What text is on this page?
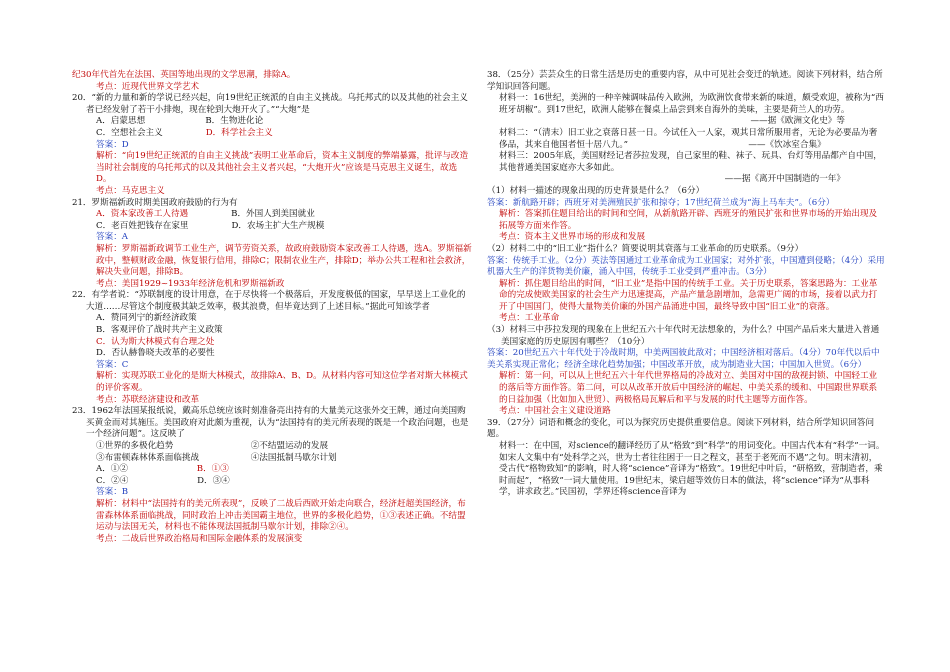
纪30年代首先在法国、英国等地出现的文学思潮，排除A。

考点：近现代世界文学艺术

20．“新的力量和新的学说已经兴起，向19世纪正统派的自由主义挑战。乌托邦式的以及其他的社会主义者已经发射了若干小排炮，现在轮到大炮开火了。”“大炮”是

A．启蒙思想　　　　　　　B．生物进化论

C．空想社会主义　　　　　D．科学社会主义

答案：D

解析：“向19世纪正统派的自由主义挑战”表明工业革命后，资本主义制度的弊端暴露，批评与改造当时社会制度的乌托邦式的以及其他社会主义者兴起，“大炮开火”应该是马克思主义诞生，故选D。

考点：马克思主义

21．罗斯福新政时期美国政府鼓励的行为有

A．资本家改善工人待遇　　　　　B．外国人到美国就业

C．老百姓把钱存在家里　　　　　D．农场主扩大生产规模

答案：A

解析：罗斯福新政调节工业生产，调节劳资关系，故政府鼓励资本家改善工人待遇，选A。罗斯福新政中，整顿财政金融，恢复银行信用，排除C；限制农业生产，排除D；举办公共工程和社会救济，解决失业问题，排除B。

考点：美国1929~1933年经济危机和罗斯福新政

22．有学者说：“苏联制度的设计用意，在于尽快将一个极落后，开发度极低的国家，早早送上工业化的大道……尽管这个制度极其缺乏效率，极其浪费，但毕竟达到了上述目标。”据此可知该学者

A．赞同列宁的新经济政策

B．客观评价了战时共产主义政策

C．认为斯大林模式有合理之处

D．否认赫鲁晓夫改革的必要性

答案：C

解析：实现苏联工业化的是斯大林模式，故排除A、B、D。从材料内容可知这位学者对斯大林模式的评价客观。

考点：苏联经济建设和改革

23．1962年法国某报纸说，戴高乐总统应该时刻准备亮出持有的大量美元这张外交王牌，通过向美国购买黄金而对其施压。美国政府对此颇为重视，认为“法国持有的美元所表现的既是一个政治问题，也是一个经济问题”。这反映了

①世界的多极化趋势　　　　　　　　　②不结盟运动的发展

③布雷顿森林体系面临挑战　　　　　　④法国抵制马歇尔计划

A．①②　　　　　　　　B．①③

C．②④　　　　　　　　D．③④

答案：B

解析：材料中“法国持有的美元所表现”，反映了二战后西欧开始走向联合，经济赶超美国经济，布雷森林体系面临挑战，同时政治上冲击美国霸主地位，世界的多极化趋势，①③表述正确。不结盟运动与法国无关，材料也不能体现法国抵制马歇尔计划，排除②④。

考点：二战后世界政治格局和国际金融体系的发展演变

38．（25分）芸芸众生的日常生活是历史的重要内容，从中可见社会变迁的轨迹。阅读下列材料，结合所学知识回答问题。

材料一：16世纪，美洲的一种辛辣调味品传入欧洲，为欧洲饮食带来新的味道，颇受欢迎，被称为“西班牙胡椒”。到17世纪，欧洲人能够在餐桌上品尝到来自海外的美味，主要是荷兰人的功劳。

——据《欧洲文化史》等

材料二：“（清末）旧工业之衰落日甚一日。今试任入一人家，观其日常所服用者，无论为必要品为奢侈品，其来自他国者恒十居八九。”　　　　　　　　　　　　　　——《饮冰室合集》

材料三：2005年底，美国财经记者莎拉发现，自己家里的鞋、袜子、玩具、台灯等用品都产自中国，其他普通美国家庭亦大多如此。

——据《离开中国制造的一年》

（1）材料一描述的现象出现的历史背景是什么？（6分）

答案：新航路开辟；西班牙对美洲殖民扩张和掠夺；17世纪荷兰成为“海上马车夫”。（6分）

解析：答案抓住题目给出的时间和空间，从新航路开辟、西班牙的殖民扩张和世界市场的开始出现及拓展等方面来作答。

考点：资本主义世界市场的形成和发展

（2）材料二中的“旧工业”指什么？简要说明其衰落与工业革命的历史联系。（9分）

答案：传统手工业。（2分）英法等国通过工业革命成为工业国家；对外扩张，中国遭到侵略；（4分）采用机器大生产的洋货物美价廉，涌入中国，传统手工业受到严重冲击。（3分）

解析：抓住题目给出的时间，“旧工业”是指中国的传统手工业。关于历史联系，答案思路为：工业革命的完成使欧美国家的社会生产力迅速提高，产品产量急剧增加，急需更广阔的市场，接着以武力打开了中国国门，使得大量物美价廉的外国产品涌进中国，最终导致中国“旧工业”的衰落。

考点：工业革命

（3）材料三中莎拉发现的现象在上世纪五六十年代时无法想象的，为什么？中国产品后来大量进入普通美国家庭的历史原因有哪些？（10分）

答案：20世纪五六十年代处于冷战时期，中美两国彼此敌对；中国经济相对落后。（4分）70年代以后中美关系实现正常化；经济全球化趋势加强；中国改革开放，成为制造业大国；中国加入世贸。（6分）

解析：第一问，可以从上世纪五六十年代世界格局的冷战对立、美国对中国的敌视封锁、中国轻工业的落后等方面作答。第二问，可以从改革开放后中国经济的崛起、中美关系的缓和、中国跟世界联系的日益加强（比如加入世贸）、两极格局瓦解后和平与发展的时代主题等方面作答。

考点：中国社会主义建设道路

39．（27分）词语和概念的变化，可以为探究历史提供重要信息。阅读下列材料，结合所学知识回答问题。

材料一：在中国，对science的翻译经历了从“格致”到“科学”的用词变化。中国古代本有“科学”一词。如宋人文集中有“处科学之兴，世为士者往往困于一日之程文，甚至于老死而不遇”之句。明末清初，受古代“格物致知”的影响，时人将“science”音译为“格致”。19世纪中叶后，“研格致，营制造者，乘时而起”，“格致”一词大量使用。19世纪末，梁启超等效仿日本的做法，将“science”译为“从事科学，讲求政艺。”民国初，学界还将science音译为
